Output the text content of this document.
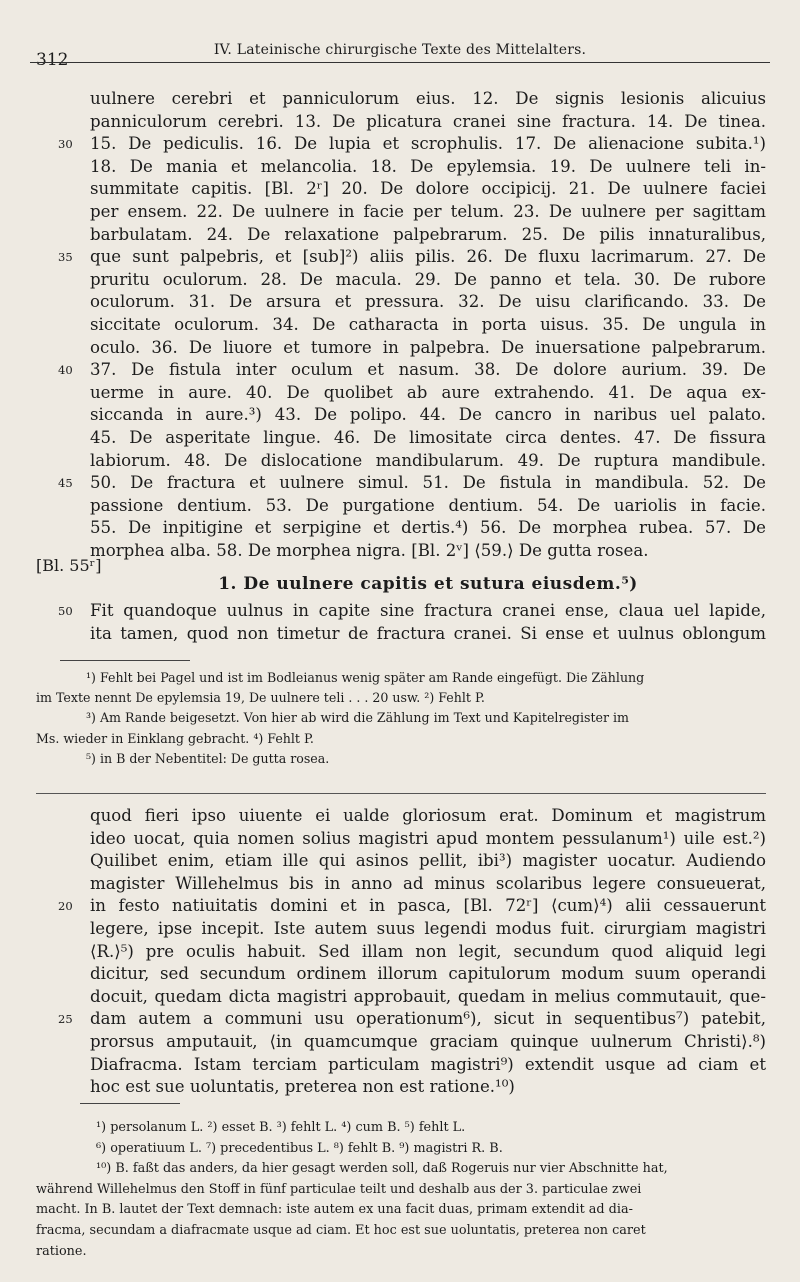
312	IV. Lateinische chirurgische Texte des Mittelalters.
uulnere cerebri et panniculorum eius. 12. De signis lesionis alicuius
panniculorum cerebri. 13. De plicatura cranei sine fractura. 14. De tinea.
30 15. De pediculis. 16. De lupia et scrophulis. 17. De alienacione subita.¹)
18. De mania et melancolia. 18. De epylemsia. 19. De uulnere teli in-
summitate capitis. [Bl. 2ʳ] 20. De dolore occipicij. 21. De uulnere faciei
per ensem. 22. De uulnere in facie per telum. 23. De uulnere per sagittam
barbulatam. 24. De relaxatione palpebrarum. 25. De pilis innaturalibus,
35 que sunt palpebris, et [sub]²) aliis pilis. 26. De fluxu lacrimarum. 27. De
pruritu oculorum. 28. De macula. 29. De panno et tela. 30. De rubore
oculorum. 31. De arsura et pressura. 32. De uisu clarificando. 33. De
siccitate oculorum. 34. De catharacta in porta uisus. 35. De ungula in
oculo. 36. De liuore et tumore in palpebra. De inuersatione palpebrarum.
40 37. De fistula inter oculum et nasum. 38. De dolore aurium. 39. De
uerme in aure. 40. De quolibet ab aure extrahendo. 41. De aqua ex-
siccanda in aure.³) 43. De polipo. 44. De cancro in naribus uel palato.
45. De asperitate lingue. 46. De limositate circa dentes. 47. De fissura
labiorum. 48. De dislocatione mandibularum. 49. De ruptura mandibule.
45 50. De fractura et uulnere simul. 51. De fistula in mandibula. 52. De
passione dentium. 53. De purgatione dentium. 54. De uariolis in facie.
55. De inpitigine et serpigine et dertis.⁴) 56. De morphea rubea. 57. De
morphea alba. 58. De morphea nigra. [Bl. 2ᵛ] ⟨59.⟩ De gutta rosea.
[Bl. 55ʳ]
1. De uulnere capitis et sutura eiusdem.⁵)
50 Fit quandoque uulnus in capite sine fractura cranei ense, claua uel lapide,
ita tamen, quod non timetur de fractura cranei. Si ense et uulnus oblongum
¹) Fehlt bei Pagel und ist im Bodleianus wenig später am Rande eingefügt. Die Zählung
im Texte nennt De epylemsia 19, De uulnere teli . . . 20 usw. ²) Fehlt P.
³) Am Rande beigesetzt. Von hier ab wird die Zählung im Text und Kapitelregister im
Ms. wieder in Einklang gebracht. ⁴) Fehlt P.
⁵) in B der Nebentitel: De gutta rosea.
quod fieri ipso uiuente ei ualde gloriosum erat. Dominum et magistrum
ideo uocat, quia nomen solius magistri apud montem pessulanum¹) uile est.²)
Quilibet enim, etiam ille qui asinos pellit, ibi³) magister uocatur. Audiendo
magister Willehelmus bis in anno ad minus scolaribus legere consueuerat,
20 in festo natiuitatis domini et in pasca, [Bl. 72ʳ] ⟨cum⟩⁴) alii cessauerunt
legere, ipse incepit. Iste autem suus legendi modus fuit. cirurgiam magistri
⟨R.⟩⁵) pre oculis habuit. Sed illam non legit, secundum quod aliquid legi
dicitur, sed secundum ordinem illorum capitulorum modum suum operandi
docuit, quedam dicta magistri approbauit, quedam in melius commutauit, que-
25 dam autem a communi usu operationum⁶), sicut in sequentibus⁷) patebit,
prorsus amputauit, ⟨in quamcumque graciam quinque uulnerum Christi⟩.⁸)
Diafracma. Istam terciam particulam magistri⁹) extendit usque ad ciam et
hoc est sue uoluntatis, preterea non est ratione.¹⁰)
¹) persolanum L. ²) esset B. ³) fehlt L. ⁴) cum B. ⁵) fehlt L.
⁶) operatiuum L. ⁷) precedentibus L. ⁸) fehlt B. ⁹) magistri R. B.
¹⁰) B. faßt das anders, da hier gesagt werden soll, daß Rogeruis nur vier Abschnitte hat,
während Willehelmus den Stoff in fünf particulae teilt und deshalb aus der 3. particulae zwei
macht. In B. lautet der Text demnach: iste autem ex una facit duas, primam extendit ad dia-
fracma, secundam a diafracmate usque ad ciam. Et hoc est sue uoluntatis, preterea non caret
ratione.
